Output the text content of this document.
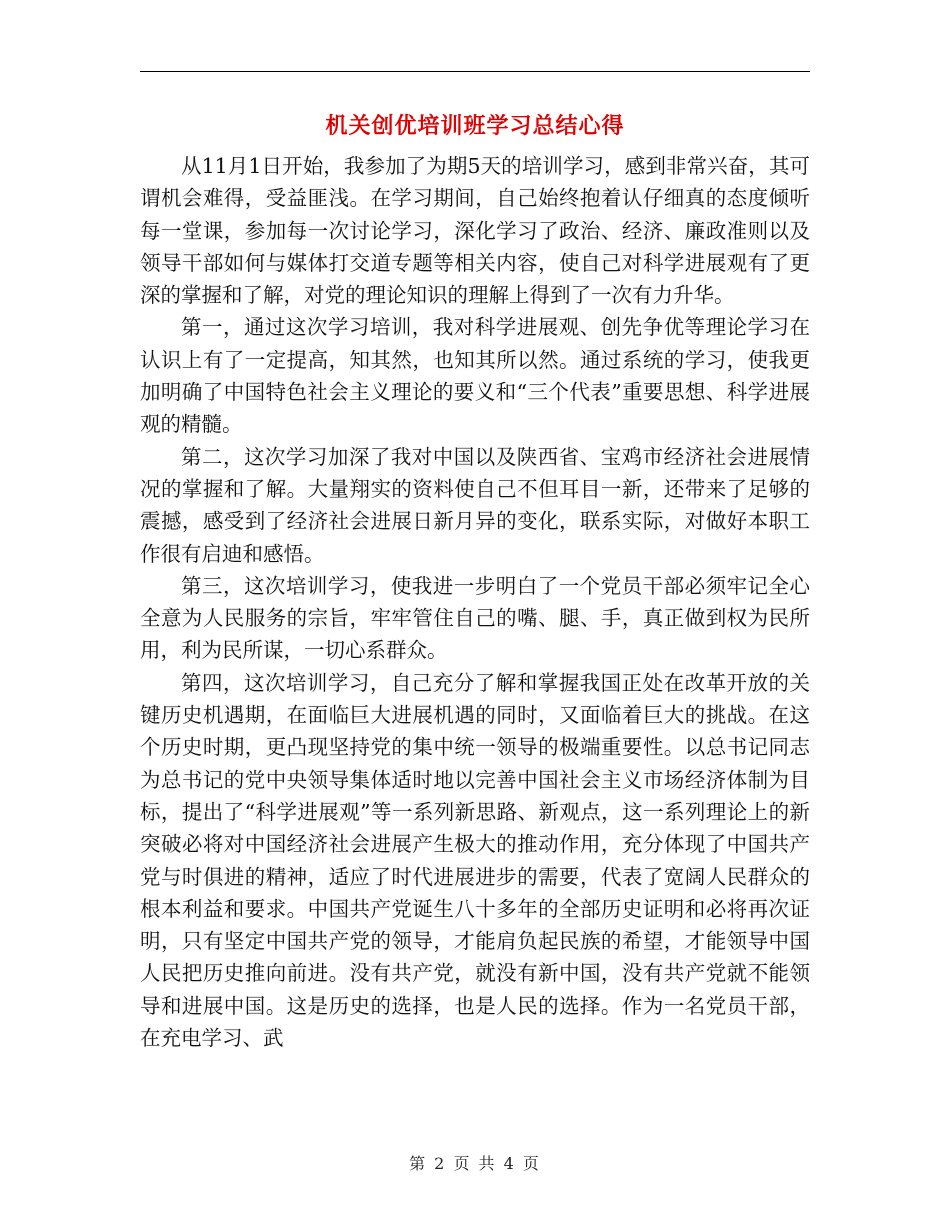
机关创优培训班学习总结心得

从11月1日开始，我参加了为期5天的培训学习，感到非常兴奋，其可谓机会难得，受益匪浅。在学习期间，自己始终抱着认仔细真的态度倾听每一堂课，参加每一次讨论学习，深化学习了政治、经济、廉政准则以及领导干部如何与媒体打交道专题等相关内容，使自己对科学进展观有了更深的掌握和了解，对党的理论知识的理解上得到了一次有力升华。

第一，通过这次学习培训，我对科学进展观、创先争优等理论学习在认识上有了一定提高，知其然，也知其所以然。通过系统的学习，使我更加明确了中国特色社会主义理论的要义和“三个代表”重要思想、科学进展观的精髓。

第二，这次学习加深了我对中国以及陕西省、宝鸡市经济社会进展情况的掌握和了解。大量翔实的资料使自己不但耳目一新，还带来了足够的震撼，感受到了经济社会进展日新月异的变化，联系实际，对做好本职工作很有启迪和感悟。

第三，这次培训学习，使我进一步明白了一个党员干部必须牢记全心全意为人民服务的宗旨，牢牢管住自己的嘴、腿、手，真正做到权为民所用，利为民所谋，一切心系群众。

第四，这次培训学习，自己充分了解和掌握我国正处在改革开放的关键历史机遇期，在面临巨大进展机遇的同时，又面临着巨大的挑战。在这个历史时期，更凸现坚持党的集中统一领导的极端重要性。以总书记同志为总书记的党中央领导集体适时地以完善中国社会主义市场经济体制为目标，提出了“科学进展观”等一系列新思路、新观点，这一系列理论上的新突破必将对中国经济社会进展产生极大的推动作用，充分体现了中国共产党与时俱进的精神，适应了时代进展进步的需要，代表了宽阔人民群众的根本利益和要求。中国共产党诞生八十多年的全部历史证明和必将再次证明，只有坚定中国共产党的领导，才能肩负起民族的希望，才能领导中国人民把历史推向前进。没有共产党，就没有新中国，没有共产党就不能领导和进展中国。这是历史的选择，也是人民的选择。作为一名党员干部，在充电学习、武

第 2 页 共 4 页
